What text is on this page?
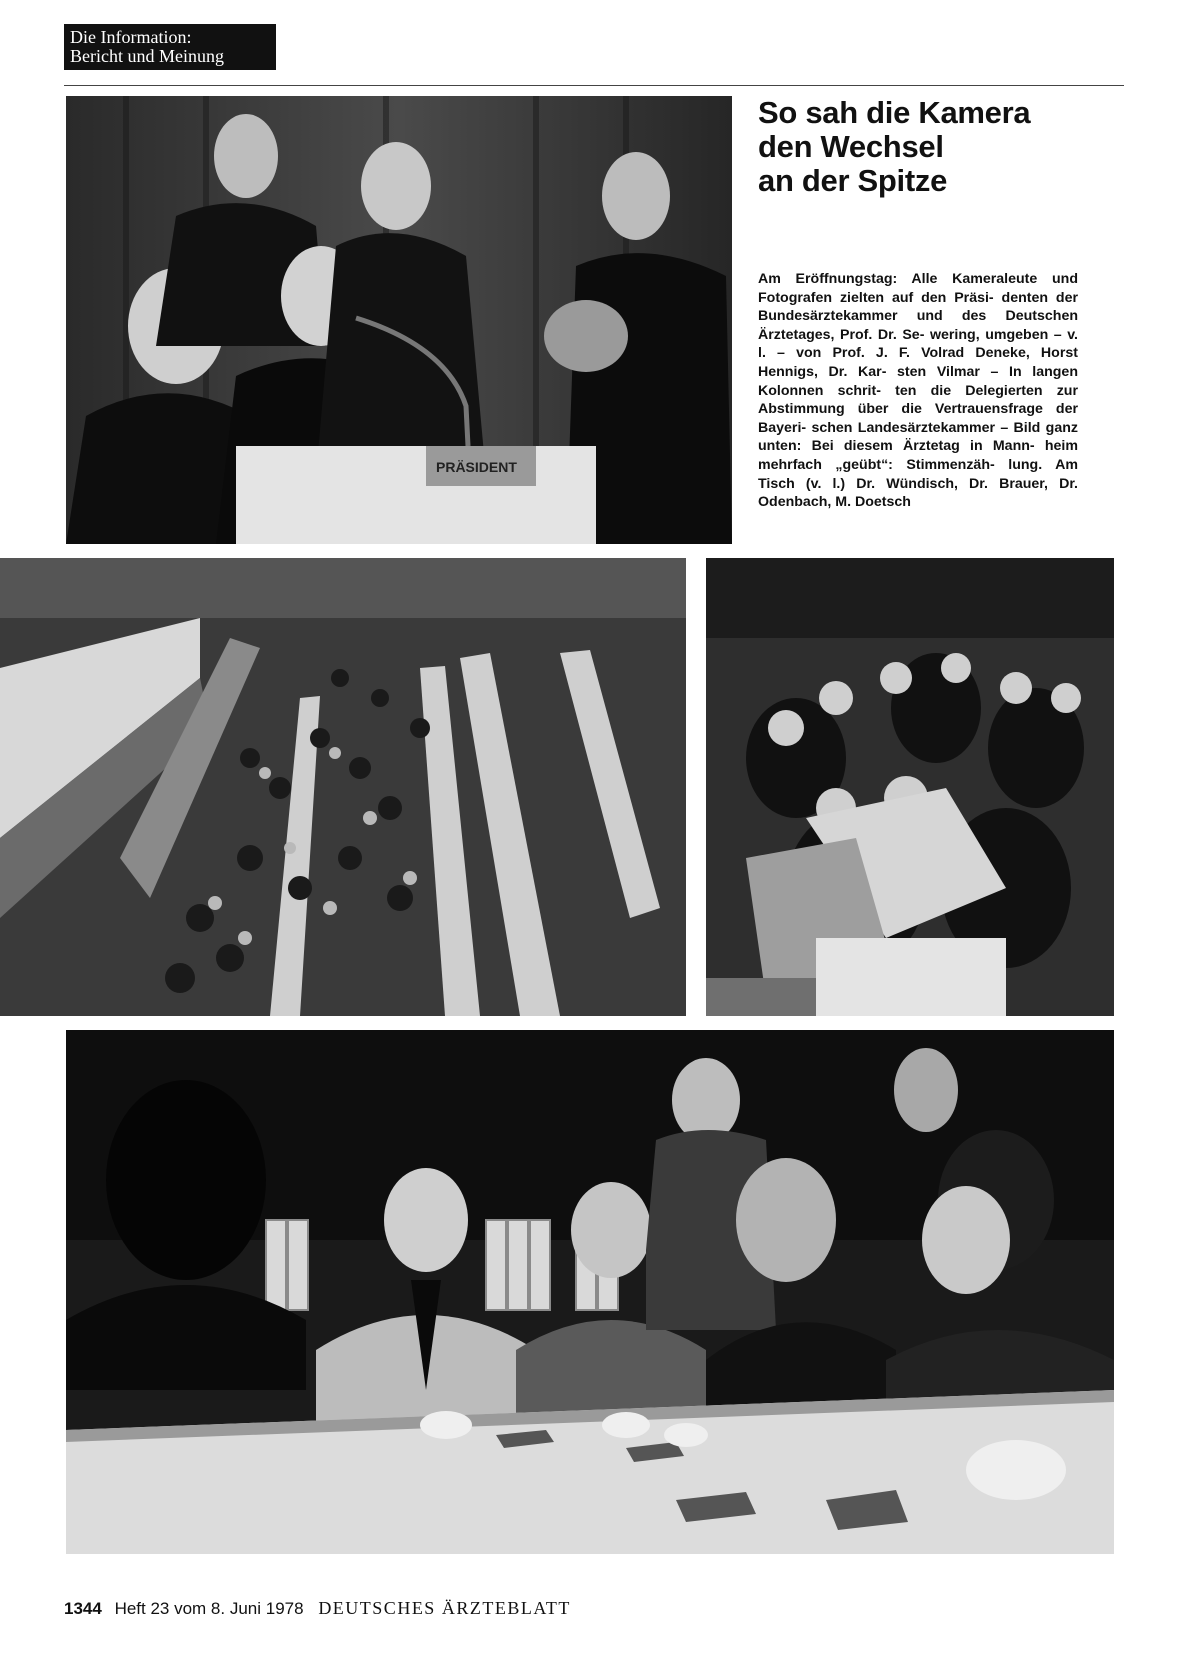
Die Information:
Bericht und Meinung
So sah die Kamera
den Wechsel
an der Spitze

Am Eröffnungstag: Alle Kameraleute und Fotografen zielten auf den Präsi- denten der Bundesärztekammer und des Deutschen Ärztetages, Prof. Dr. Se- wering, umgeben – v. l. – von Prof. J. F. Volrad Deneke, Horst Hennigs, Dr. Kar- sten Vilmar – In langen Kolonnen schrit- ten die Delegierten zur Abstimmung über die Vertrauensfrage der Bayeri- schen Landesärztekammer – Bild ganz unten: Bei diesem Ärztetag in Mann- heim mehrfach „geübt“: Stimmenzäh- lung. Am Tisch (v. l.) Dr. Wündisch, Dr. Brauer, Dr. Odenbach, M. Doetsch

PRÄSIDENT
1344 Heft 23 vom 8. Juni 1978 DEUTSCHES ÄRZTEBLATT
